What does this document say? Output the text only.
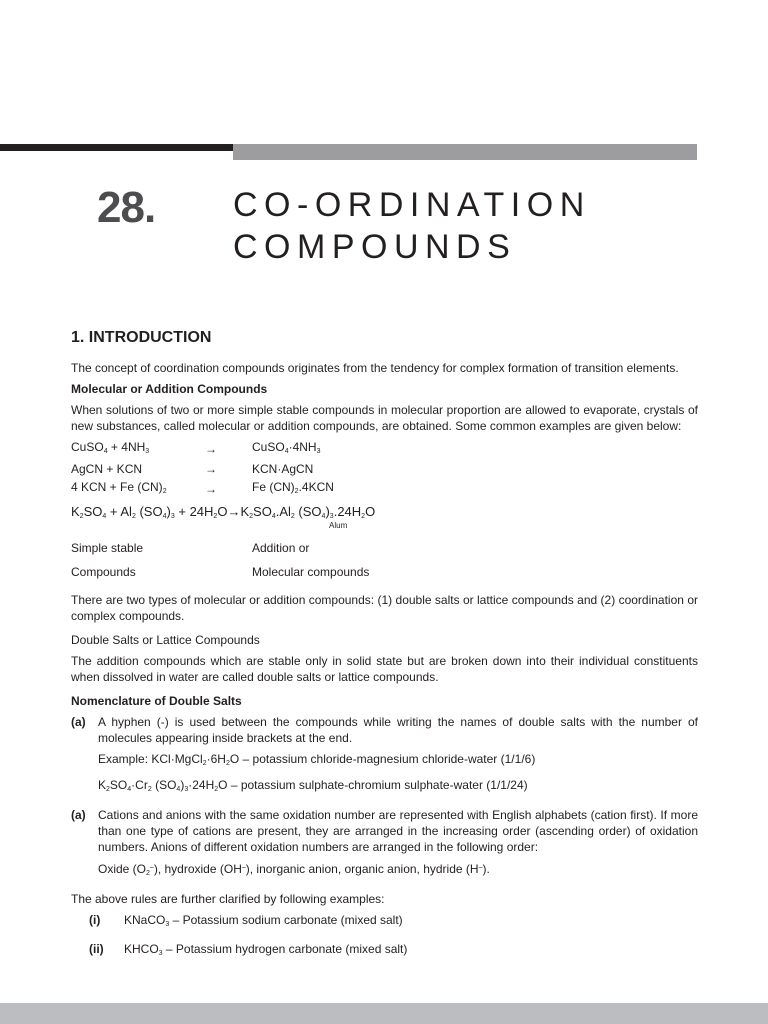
28. CO-ORDINATION
COMPOUNDS
1. INTRODUCTION

The concept of coordination compounds originates from the tendency for complex formation of transition elements.

Molecular or Addition Compounds

When solutions of two or more simple stable compounds in molecular proportion are allowed to evaporate, crystals of new substances, called molecular or addition compounds, are obtained. Some common examples are given below:

CuSO$_4$ + $4NH_3$	→	$CuSO_4\cdot 4NH_3$
AgCN + KCN	→	KCN·AgCN
4 KCN + Fe $(CN)_2$	→	Fe $(CN)_2.4KCN$
$K_2SO_4 + Al_2$ $(SO_4)_3 + 24H_2O\to K_2SO_4.Al_2$ $(SO_4)_3.24H_2O$
Alum
Simple stable	Addition or
Compounds	Molecular compounds

There are two types of molecular or addition compounds: (1) double salts or lattice compounds and (2) coordination or complex compounds.

Double Salts or Lattice Compounds

The addition compounds which are stable only in solid state but are broken down into their individual constituents when dissolved in water are called double salts or lattice compounds.

Nomenclature of Double Salts

(a)	A hyphen (-) is used between the compounds while writing the names of double salts with the number of molecules appearing inside brackets at the end.

Example: $KCl\cdot MgCl_2\cdot 6H_2O$ – potassium chloride-magnesium chloride-water (1/1/6)

$K_2SO_4\cdot Cr_2$ $(SO_4)_3\cdot 24H_2O$ – potassium sulphate-chromium sulphate-water (1/1/24)

(a)	Cations and anions with the same oxidation number are represented with English alphabets (cation first). If more than one type of cations are present, they are arranged in the increasing order (ascending order) of oxidation numbers. Anions of different oxidation numbers are arranged in the following order:

Oxide $(O_2^-)$, hydroxide (OH–), inorganic anion, organic anion, hydride (H–).

The above rules are further clarified by following examples:

(i)	KNaCO$_3$ – Potassium sodium carbonate (mixed salt)
(ii)	$KHCO_3$ – Potassium hydrogen carbonate (mixed salt)
